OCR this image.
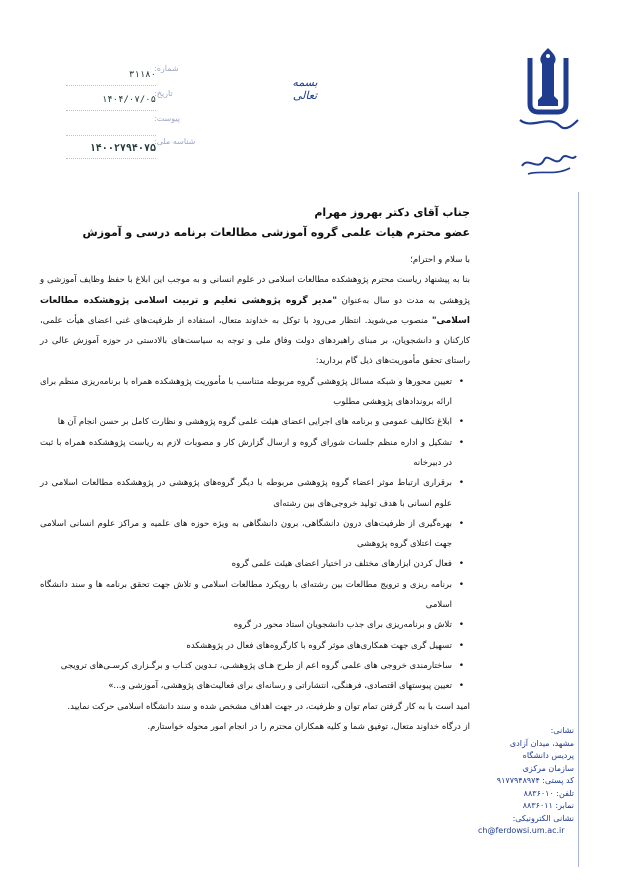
بسمه تعالی
شماره:
۳۱۱۸۰
تاریخ:
۱۴۰۴/۰۷/۰۵
پیوست:
شناسه ملی:
۱۴۰۰۲۷۹۴۰۷۵
جناب آقای دکتر بهروز مهرام
عضو محترم هیات علمی گروه آموزشی مطالعات برنامه درسی و آموزش

با سلام و احترام؛

بنا به پیشنهاد ریاست محترم پژوهشکده مطالعات اسلامی در علوم انسانی و به موجب این ابلاغ با حفظ وظایف آموزشی و پژوهشی به مدت دو سال به‌عنوان "مدیر گروه پژوهشی تعلیم و تربیت اسلامی پژوهشکده مطالعات اسلامی" منصوب می‌شوید. انتظار می‌رود با توکل به خداوند متعال، استفاده از ظرفیت‌های غنی اعضای هیأت علمی، کارکنان و دانشجویان، بر مبنای راهبردهای دولت وفاق ملی و توجه به سیاست‌های بالادستی در حوزه آموزش عالی در راستای تحقق مأموریت‌های ذیل گام بردارید:

• تعیین محورها و شبکه مسائل پژوهشی گروه مربوطه متناسب با مأموریت پژوهشکده همراه با برنامه‌ریزی منظم برای ارائه بروندادهای پژوهشی مطلوب
• ابلاغ تکالیف عمومی و برنامه های اجرایی اعضای هیئت علمی گروه پژوهشی و نظارت کامل بر حسن انجام آن ها
• تشکیل و اداره منظم جلسات شورای گروه و ارسال گزارش کار و مصوبات لازم به ریاست پژوهشکده همراه با ثبت در دبیرخانه
• برقراری ارتباط موثر اعضاء گروه پژوهشی مربوطه با دیگر گروه‌های پژوهشی در پژوهشکده مطالعات اسلامی در علوم انسانی با هدف تولید خروجی‌های بین رشته‌ای
• بهره‌گیری از ظرفیت‌های درون دانشگاهی، برون دانشگاهی به ویژه حوزه های علمیه و مراکز علوم انسانی اسلامی جهت اعتلای گروه پژوهشی
• فعال کردن ابزارهای مختلف در اختیار اعضای هیئت علمی گروه
• برنامه ریزی و ترویج مطالعات بین رشته‌ای با رویکرد مطالعات اسلامی و تلاش جهت تحقق برنامه ها و سند دانشگاه اسلامی
• تلاش و برنامه‌ریزی برای جذب دانشجویان استاد محور در گروه
• تسهیل گری جهت همکاری‌های موثر گروه با کارگروه‌های فعال در پژوهشکده
• ساختارمندی خروجی های علمی گروه اعم از طرح هـای پژوهشـی، تـدوین کتـاب و برگـزاری کرسـی‌های ترویجی
• تعیین پیوستهای اقتصادی، فرهنگی، انتشاراتی و رسانه‌ای برای فعالیت‌های پژوهشی، آموزشی و...»

امید است با به کار گرفتن تمام توان و ظرفیت، در جهت اهداف مشخص شده و سند دانشگاه اسلامی حرکت نمایید.

از درگاه خداوند متعال، توفیق شما و کلیه همکاران محترم را در انجام امور محوله خواستارم.	نشانی:
مشهد، میدان آزادی
پردیس دانشگاه
سازمان مرکزی
کد پستی: ۹۱۷۷۹۴۸۹۷۴
تلفن: ۸۸۳۶۰۱۰
نمابر: ۸۸۳۶۰۱۱
نشانی الکترونیکی:
ch@ferdowsi.um.ac.ir
